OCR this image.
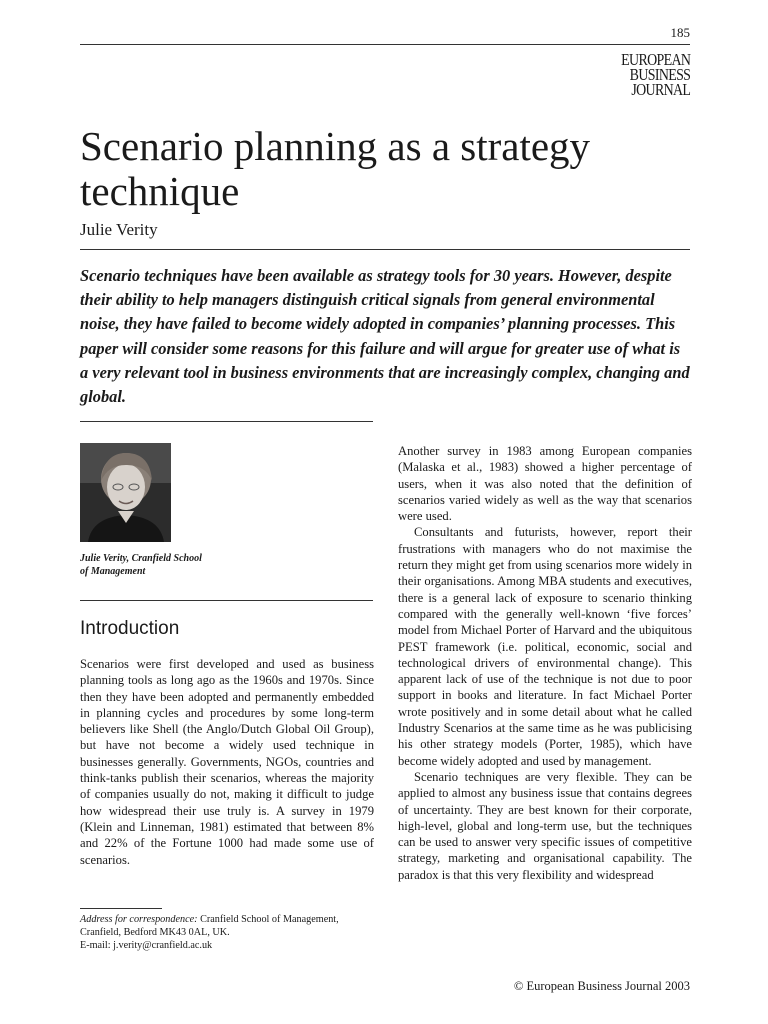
185
EUROPEAN
BUSINESS
JOURNAL
Scenario planning as a strategy technique
Julie Verity

Scenario techniques have been available as strategy tools for 30 years. However, despite their ability to help managers distinguish critical signals from general environmental noise, they have failed to become widely adopted in companies’ planning processes. This paper will consider some reasons for this failure and will argue for greater use of what is a very relevant tool in business environments that are increasingly complex, changing and global.

Julie Verity, Cranfield School of Management

Introduction

Scenarios were first developed and used as business planning tools as long ago as the 1960s and 1970s. Since then they have been adopted and permanently embedded in planning cycles and procedures by some long-term believers like Shell (the Anglo/Dutch Global Oil Group), but have not become a widely used technique in businesses generally. Governments, NGOs, countries and think-tanks publish their scenarios, whereas the majority of companies usually do not, making it difficult to judge how widespread their use truly is. A survey in 1979 (Klein and Linneman, 1981) estimated that between 8% and 22% of the Fortune 1000 had made some use of scenarios.

Another survey in 1983 among European companies (Malaska et al., 1983) showed a higher percentage of users, when it was also noted that the definition of scenarios varied widely as well as the way that scenarios were used.

Consultants and futurists, however, report their frustrations with managers who do not maximise the return they might get from using scenarios more widely in their organisations. Among MBA students and executives, there is a general lack of exposure to scenario thinking compared with the generally well-known ‘five forces’ model from Michael Porter of Harvard and the ubiquitous PEST framework (i.e. political, economic, social and technological drivers of environmental change). This apparent lack of use of the technique is not due to poor support in books and literature. In fact Michael Porter wrote positively and in some detail about what he called Industry Scenarios at the same time as he was publicising his other strategy models (Porter, 1985), which have become widely adopted and used by management.

Scenario techniques are very flexible. They can be applied to almost any business issue that contains degrees of uncertainty. They are best known for their corporate, high-level, global and long-term use, but the techniques can be used to answer very specific issues of competitive strategy, marketing and organisational capability. The paradox is that this very flexibility and widespread

Address for correspondence: Cranfield School of Management, Cranfield, Bedford MK43 0AL, UK.
E-mail: j.verity@cranfield.ac.uk

© European Business Journal 2003
